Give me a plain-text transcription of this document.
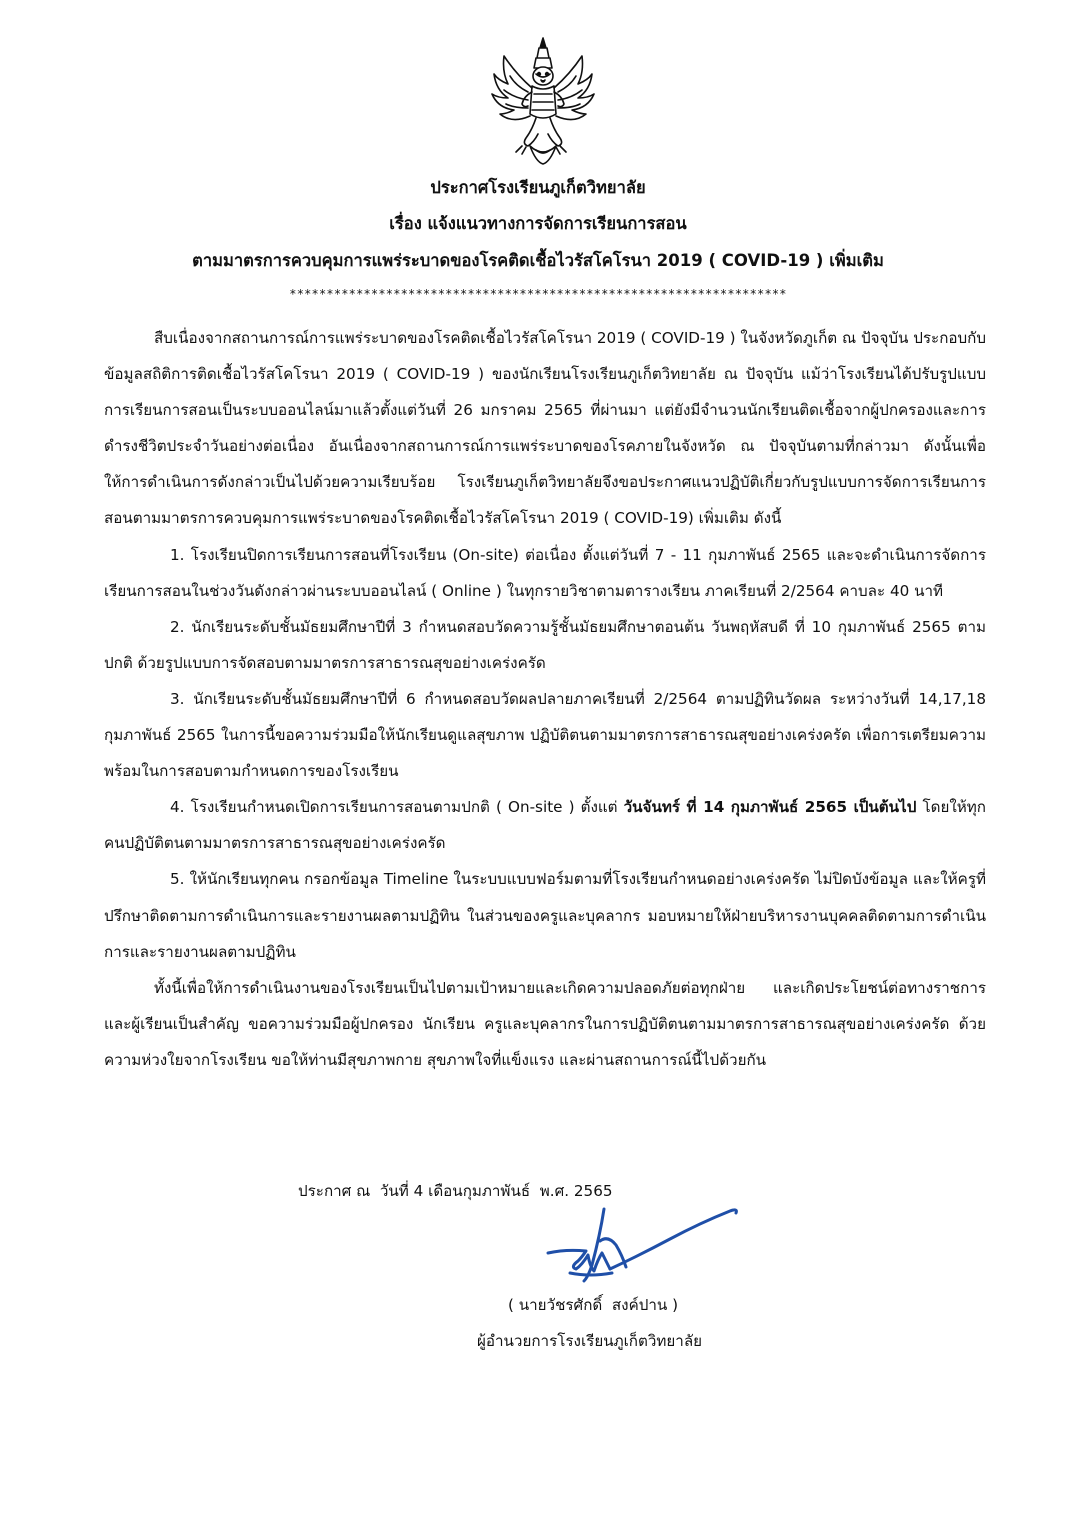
ประกาศโรงเรียนภูเก็ตวิทยาลัย
เรื่อง แจ้งแนวทางการจัดการเรียนการสอน
ตามมาตรการควบคุมการแพร่ระบาดของโรคติดเชื้อไวรัสโคโรนา 2019 ( COVID-19 ) เพิ่มเติม
*******************************************************************

สืบเนื่องจากสถานการณ์การแพร่ระบาดของโรคติดเชื้อไวรัสโคโรนา 2019 ( COVID-19 ) ในจังหวัดภูเก็ต ณ ปัจจุบัน ประกอบกับข้อมูลสถิติการติดเชื้อไวรัสโคโรนา 2019 ( COVID-19 ) ของนักเรียนโรงเรียนภูเก็ตวิทยาลัย ณ ปัจจุบัน แม้ว่าโรงเรียนได้ปรับรูปแบบการเรียนการสอนเป็นระบบออนไลน์มาแล้วตั้งแต่วันที่ 26 มกราคม 2565 ที่ผ่านมา แต่ยังมีจำนวนนักเรียนติดเชื้อจากผู้ปกครองและการดำรงชีวิตประจำวันอย่างต่อเนื่อง อันเนื่องจากสถานการณ์การแพร่ระบาดของโรคภายในจังหวัด ณ ปัจจุบันตามที่กล่าวมา ดังนั้นเพื่อให้การดำเนินการดังกล่าวเป็นไปด้วยความเรียบร้อย โรงเรียนภูเก็ตวิทยาลัยจึงขอประกาศแนวปฏิบัติเกี่ยวกับรูปแบบการจัดการเรียนการสอนตามมาตรการควบคุมการแพร่ระบาดของโรคติดเชื้อไวรัสโคโรนา 2019 ( COVID-19) เพิ่มเติม ดังนี้

1. โรงเรียนปิดการเรียนการสอนที่โรงเรียน (On-site) ต่อเนื่อง ตั้งแต่วันที่ 7 - 11 กุมภาพันธ์ 2565 และจะดำเนินการจัดการเรียนการสอนในช่วงวันดังกล่าวผ่านระบบออนไลน์ ( Online ) ในทุกรายวิชาตามตารางเรียน ภาคเรียนที่ 2/2564 คาบละ 40 นาที

2. นักเรียนระดับชั้นมัธยมศึกษาปีที่ 3 กำหนดสอบวัดความรู้ชั้นมัธยมศึกษาตอนต้น วันพฤหัสบดี ที่ 10 กุมภาพันธ์ 2565 ตามปกติ ด้วยรูปแบบการจัดสอบตามมาตรการสาธารณสุขอย่างเคร่งครัด

3. นักเรียนระดับชั้นมัธยมศึกษาปีที่ 6 กำหนดสอบวัดผลปลายภาคเรียนที่ 2/2564 ตามปฏิทินวัดผล ระหว่างวันที่ 14,17,18 กุมภาพันธ์ 2565 ในการนี้ขอความร่วมมือให้นักเรียนดูแลสุขภาพ ปฏิบัติตนตามมาตรการสาธารณสุขอย่างเคร่งครัด เพื่อการเตรียมความพร้อมในการสอบตามกำหนดการของโรงเรียน

4. โรงเรียนกำหนดเปิดการเรียนการสอนตามปกติ ( On-site ) ตั้งแต่ วันจันทร์ ที่ 14 กุมภาพันธ์ 2565 เป็นต้นไป โดยให้ทุกคนปฏิบัติตนตามมาตรการสาธารณสุขอย่างเคร่งครัด

5. ให้นักเรียนทุกคน กรอกข้อมูล Timeline ในระบบแบบฟอร์มตามที่โรงเรียนกำหนดอย่างเคร่งครัด ไม่ปิดบังข้อมูล และให้ครูที่ปรึกษาติดตามการดำเนินการและรายงานผลตามปฏิทิน ในส่วนของครูและบุคลากร มอบหมายให้ฝ่ายบริหารงานบุคคลติดตามการดำเนินการและรายงานผลตามปฏิทิน

ทั้งนี้เพื่อให้การดำเนินงานของโรงเรียนเป็นไปตามเป้าหมายและเกิดความปลอดภัยต่อทุกฝ่าย และเกิดประโยชน์ต่อทางราชการและผู้เรียนเป็นสำคัญ ขอความร่วมมือผู้ปกครอง นักเรียน ครูและบุคลากรในการปฏิบัติตนตามมาตรการสาธารณสุขอย่างเคร่งครัด ด้วยความห่วงใยจากโรงเรียน ขอให้ท่านมีสุขภาพกาย สุขภาพใจที่แข็งแรง และผ่านสถานการณ์นี้ไปด้วยกัน

ประกาศ ณ  วันที่ 4 เดือนกุมภาพันธ์  พ.ศ. 2565
( นายวัชรศักดิ์  สงค์ปาน )
ผู้อำนวยการโรงเรียนภูเก็ตวิทยาลัย
